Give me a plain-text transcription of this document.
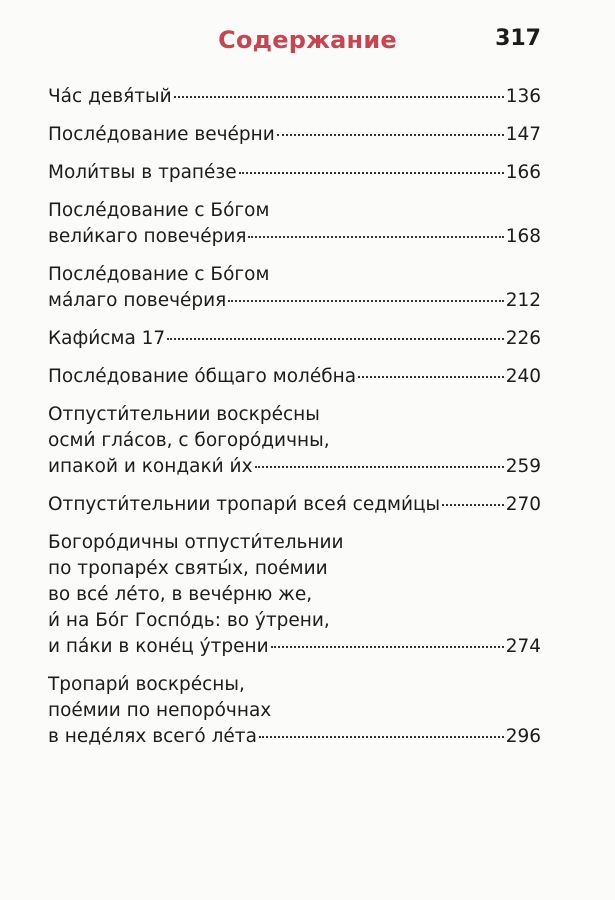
Содержание	317
Ча́с девя́тый	136
После́дование вече́рни	147
Моли́твы в трапе́зе	166
После́дование с Бо́гом
вели́каго повече́рия	168
После́дование с Бо́гом
ма́лаго повече́рия	212
Кафи́сма 17	226
После́дование о́бщаго моле́бна	240
Отпусти́тельнии воскре́сны
осми́ гла́сов, с богоро́дичны,
ипакой и кондаки́ и́х	259
Отпусти́тельнии тропари́ всея́ седми́цы	270
Богоро́дичны отпусти́тельнии
по тропаре́х святы́х, пое́мии
во все́ ле́то, в вече́рню же,
и́ на Бо́г Госпо́дь: во у́трени,
и па́ки в коне́ц у́трени	274
Тропари́ воскре́сны,
пое́мии по непоро́чнах
в неде́лях всего́ ле́та	296
